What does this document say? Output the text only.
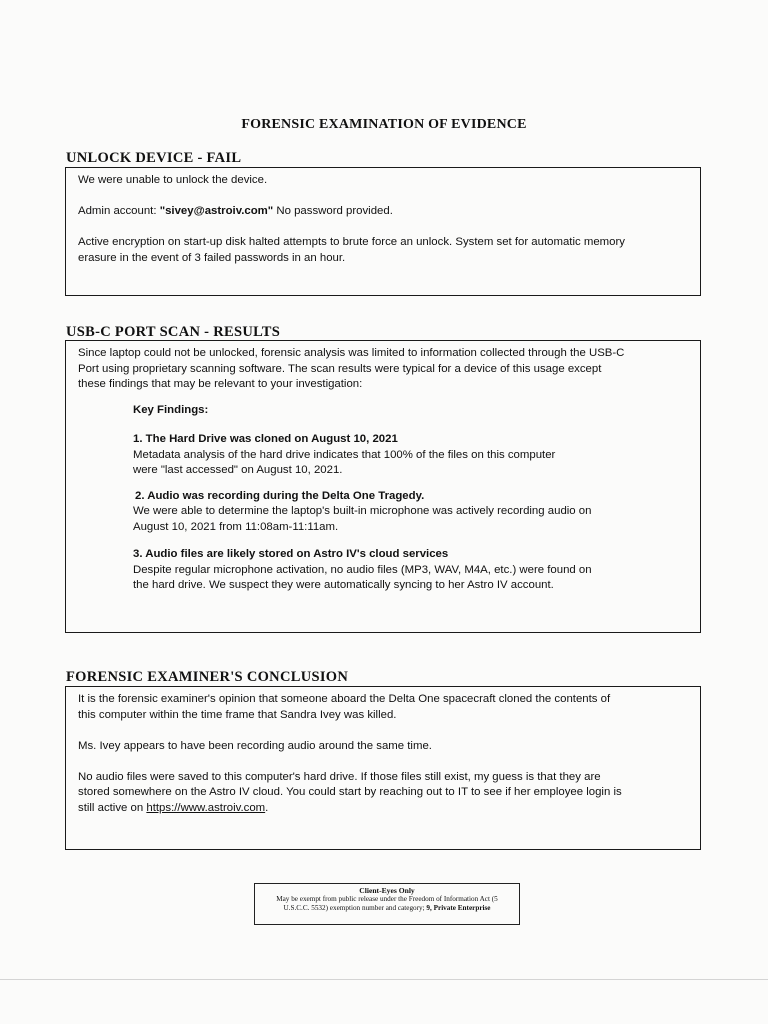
FORENSIC EXAMINATION OF EVIDENCE
UNLOCK DEVICE - FAIL

We were unable to unlock the device.

Admin account: "sivey@astroiv.com" No password provided.

Active encryption on start-up disk halted attempts to brute force an unlock. System set for automatic memory

erasure in the event of 3 failed passwords in an hour.

USB-C PORT SCAN - RESULTS

Since laptop could not be unlocked, forensic analysis was limited to information collected through the USB-C

Port using proprietary scanning software. The scan results were typical for a device of this usage except

these findings that may be relevant to your investigation:

Key Findings:

1. The Hard Drive was cloned on August 10, 2021

Metadata analysis of the hard drive indicates that 100% of the files on this computer

were "last accessed" on August 10, 2021.

2. Audio was recording during the Delta One Tragedy.

We were able to determine the laptop's built-in microphone was actively recording audio on

August 10, 2021 from 11:08am-11:11am.

3. Audio files are likely stored on Astro IV's cloud services

Despite regular microphone activation, no audio files (MP3, WAV, M4A, etc.) were found on

the hard drive. We suspect they were automatically syncing to her Astro IV account.

FORENSIC EXAMINER'S CONCLUSION

It is the forensic examiner's opinion that someone aboard the Delta One spacecraft cloned the contents of

this computer within the time frame that Sandra Ivey was killed.

Ms. Ivey appears to have been recording audio around the same time.

No audio files were saved to this computer's hard drive. If those files still exist, my guess is that they are

stored somewhere on the Astro IV cloud. You could start by reaching out to IT to see if her employee login is

still active on https://www.astroiv.com.

Client-Eyes Only
May be exempt from public release under the Freedom of Information Act (5
U.S.C.C. 5532) exemption number and category; 9, Private Enterprise
